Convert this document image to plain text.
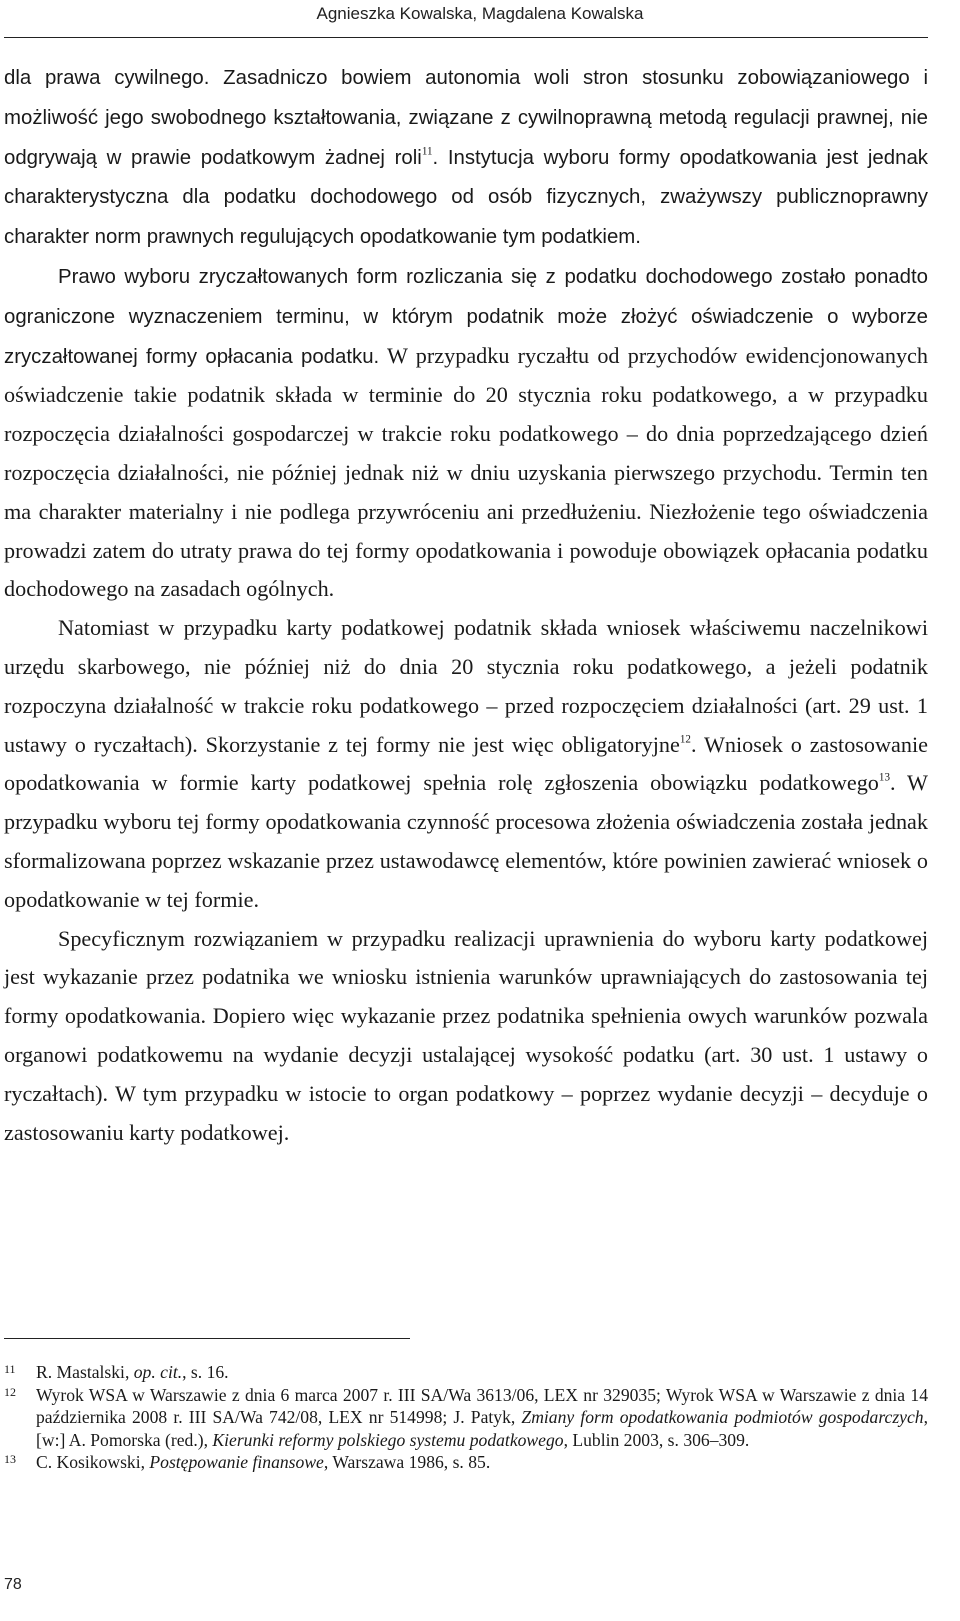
Agnieszka Kowalska, Magdalena Kowalska

dla prawa cywilnego. Zasadniczo bowiem autonomia woli stron stosunku zobowiązaniowego i możliwość jego swobodnego kształtowania, związane z cywilnoprawną metodą regulacji prawnej, nie odgrywają w prawie podatkowym żadnej roli$^{11}$. Instytucja wyboru formy opodatkowania jest jednak charakterystyczna dla podatku dochodowego od osób fizycznych, zważywszy publicznoprawny charakter norm prawnych regulujących opodatkowanie tym podatkiem.

Prawo wyboru zryczałtowanych form rozliczania się z podatku dochodowego zostało ponadto ograniczone wyznaczeniem terminu, w którym podatnik może złożyć oświadczenie o wyborze zryczałtowanej formy opłacania podatku. W przypadku ryczałtu od przychodów ewidencjonowanych oświadczenie takie podatnik składa w terminie do 20 stycznia roku podatkowego, a w przypadku rozpoczęcia działalności gospodarczej w trakcie roku podatkowego – do dnia poprzedzającego dzień rozpoczęcia działalności, nie później jednak niż w dniu uzyskania pierwszego przychodu. Termin ten ma charakter materialny i nie podlega przywróceniu ani przedłużeniu. Niezłożenie tego oświadczenia prowadzi zatem do utraty prawa do tej formy opodatkowania i powoduje obowiązek opłacania podatku dochodowego na zasadach ogólnych.

Natomiast w przypadku karty podatkowej podatnik składa wniosek właściwemu naczelnikowi urzędu skarbowego, nie później niż do dnia 20 stycznia roku podatkowego, a jeżeli podatnik rozpoczyna działalność w trakcie roku podatkowego – przed rozpoczęciem działalności (art. 29 ust. 1 ustawy o ryczałtach). Skorzystanie z tej formy nie jest więc obligatoryjne$^{12}$. Wniosek o zastosowanie opodatkowania w formie karty podatkowej spełnia rolę zgłoszenia obowiązku podatkowego$^{13}$. W przypadku wyboru tej formy opodatkowania czynność procesowa złożenia oświadczenia została jednak sformalizowana poprzez wskazanie przez ustawodawcę elementów, które powinien zawierać wniosek o opodatkowanie w tej formie.

Specyficznym rozwiązaniem w przypadku realizacji uprawnienia do wyboru karty podatkowej jest wykazanie przez podatnika we wniosku istnienia warunków uprawniających do zastosowania tej formy opodatkowania. Dopiero więc wykazanie przez podatnika spełnienia owych warunków pozwala organowi podatkowemu na wydanie decyzji ustalającej wysokość podatku (art. 30 ust. 1 ustawy o ryczałtach). W tym przypadku w istocie to organ podatkowy – poprzez wydanie decyzji – decyduje o zastosowaniu karty podatkowej.

11	R. Mastalski, op. cit., s. 16.
12	Wyrok WSA w Warszawie z dnia 6 marca 2007 r. III SA/Wa 3613/06, LEX nr 329035; Wyrok WSA w Warszawie z dnia 14 października 2008 r. III SA/Wa 742/08, LEX nr 514998; J. Patyk, Zmiany form opodatkowania podmiotów gospodarczych, [w:] A. Pomorska (red.), Kierunki reformy polskiego systemu podatkowego, Lublin 2003, s. 306–309.
13	C. Kosikowski, Postępowanie finansowe, Warszawa 1986, s. 85.
78
